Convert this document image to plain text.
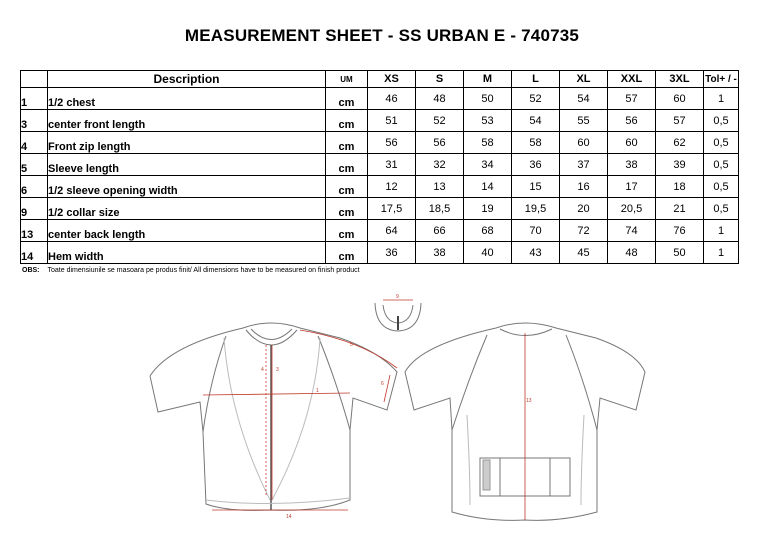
MEASUREMENT SHEET - SS URBAN E - 740735
	Description	UM	XS	S	M	L	XL	XXL	3XL	Tol+ / -
1	1/2 chest	cm	46	48	50	52	54	57	60	1
3	center front length	cm	51	52	53	54	55	56	57	0,5
4	Front zip length	cm	56	56	58	58	60	60	62	0,5
5	Sleeve length	cm	31	32	34	36	37	38	39	0,5
6	1/2 sleeve opening width	cm	12	13	14	15	16	17	18	0,5
9	1/2 collar size	cm	17,5	18,5	19	19,5	20	20,5	21	0,5
13	center back length	cm	64	66	68	70	72	74	76	1
14	Hem width	cm	36	38	40	43	45	48	50	1
OBS: Toate dimensiunile se masoara pe produs finit/ All dimensions have to be measured on finish product
9
3
4
1
5
6
14
13
